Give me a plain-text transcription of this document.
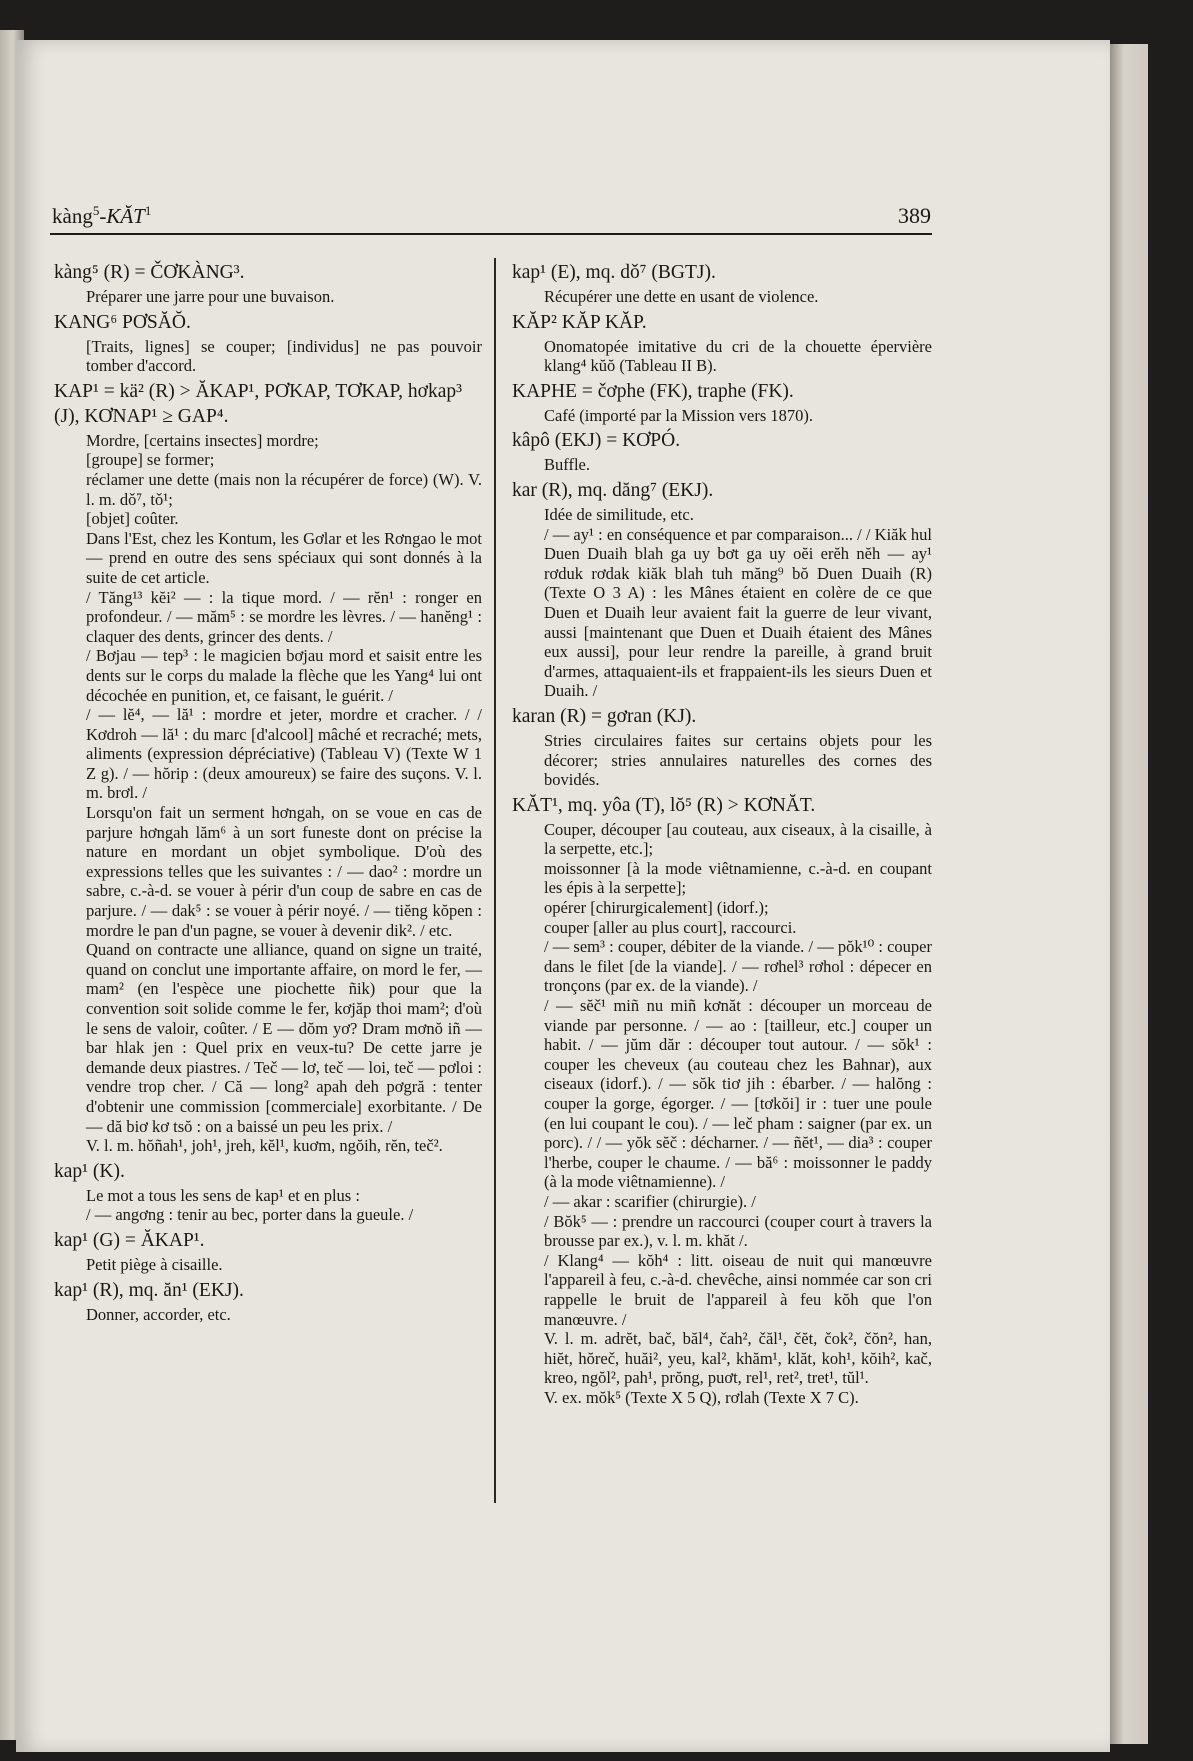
kàng$^5$-KĂT$^1$	389
kàng⁵ (R) = ČƠKÀNG³.
Préparer une jarre pour une buvaison.
KANG⁶ PƠSĂŎ.
[Traits, lignes] se couper; [individus] ne pas pouvoir tomber d'accord.
KAP¹ = kä² (R) > ĂKAP¹, PƠKAP, TƠKAP, hơkap³ (J), KƠNAP¹ ≥ GAP⁴.
Mordre, [certains insectes] mordre;
[groupe] se former;
réclamer une dette (mais non la récupérer de force) (W). V. l. m. dǒ⁷, tǒ¹;
[objet] coûter.
Dans l'Est, chez les Kontum, les Gơlar et les Rơngao le mot — prend en outre des sens spéciaux qui sont donnés à la suite de cet article.
/ Tăng¹³ kĕi² — : la tique mord. / — rĕn¹ : ronger en profondeur. / — măm⁵ : se mordre les lèvres. / — hanĕng¹ : claquer des dents, grincer des dents. /
/ Bơjau — tep³ : le magicien bơjau mord et saisit entre les dents sur le corps du malade la flèche que les Yang⁴ lui ont décochée en punition, et, ce faisant, le guérit. /
/ — lĕ⁴, — lă¹ : mordre et jeter, mordre et cracher. / / Kơdroh — lă¹ : du marc [d'alcool] mâché et recraché; mets, aliments (expression dépréciative) (Tableau V) (Texte W 1 Z g). / — hŏrip : (deux amoureux) se faire des suçons. V. l. m. brơl. /
Lorsqu'on fait un serment hơngah, on se voue en cas de parjure hơngah lăm⁶ à un sort funeste dont on précise la nature en mordant un objet symbolique. D'où des expressions telles que les suivantes : / — dao² : mordre un sabre, c.-à-d. se vouer à périr d'un coup de sabre en cas de parjure. / — dak⁵ : se vouer à périr noyé. / — tiĕng kŏpen : mordre le pan d'un pagne, se vouer à devenir dik². / etc.
Quand on contracte une alliance, quand on signe un traité, quand on conclut une importante affaire, on mord le fer, — mam² (en l'espèce une piochette ñik) pour que la convention soit solide comme le fer, kơjăp thoi mam²; d'où le sens de valoir, coûter. / E — dŏm yơ? Dram mơnŏ iñ — bar hlak jen : Quel prix en veux-tu? De cette jarre je demande deux piastres. / Teč — lơ, teč — loi, teč — pơloi : vendre trop cher. / Că — long² apah deh pơgră : tenter d'obtenir une commission [commerciale] exorbitante. / De — dă biơ kơ tsŏ : on a baissé un peu les prix. /
V. l. m. hŏñah¹, joh¹, jreh, kĕl¹, kuơm, ngŏih, rĕn, teč².
kap¹ (K).
Le mot a tous les sens de kap¹ et en plus :
/ — angơng : tenir au bec, porter dans la gueule. /
kap¹ (G) = ĂKAP¹.
Petit piège à cisaille.
kap¹ (R), mq. ăn¹ (EKJ).
Donner, accorder, etc.
kap¹ (E), mq. dǒ⁷ (BGTJ).
Récupérer une dette en usant de violence.
KĂP² KĂP KĂP.
Onomatopée imitative du cri de la chouette épervière klang⁴ kŭŏ (Tableau II B).
KAPHE = čơphe (FK), traphe (FK).
Café (importé par la Mission vers 1870).
kâpô (EKJ) = KƠPÓ.
Buffle.
kar (R), mq. dăng⁷ (EKJ).
Idée de similitude, etc.
/ — ay¹ : en conséquence et par comparaison... / / Kiăk hul Duen Duaih blah ga uy bơt ga uy oĕi erĕh nĕh — ay¹ rơduk rơdak kiăk blah tuh măng⁹ bŏ Duen Duaih (R) (Texte O 3 A) : les Mânes étaient en colère de ce que Duen et Duaih leur avaient fait la guerre de leur vivant, aussi [maintenant que Duen et Duaih étaient des Mânes eux aussi], pour leur rendre la pareille, à grand bruit d'armes, attaquaient-ils et frappaient-ils les sieurs Duen et Duaih. /
karan (R) = gơran (KJ).
Stries circulaires faites sur certains objets pour les décorer; stries annulaires naturelles des cornes des bovidés.
KĂT¹, mq. yôa (T), lŏ⁵ (R) > KƠNĂT.
Couper, découper [au couteau, aux ciseaux, à la cisaille, à la serpette, etc.];
moissonner [à la mode viêtnamienne, c.-à-d. en coupant les épis à la serpette];
opérer [chirurgicalement] (idorf.);
couper [aller au plus court], raccourci.
/ — sem³ : couper, débiter de la viande. / — pŏk¹⁰ : couper dans le filet [de la viande]. / — rơhel³ rơhol : dépecer en tronçons (par ex. de la viande). /
/ — sĕč¹ miñ nu miñ kơnăt : découper un morceau de viande par personne. / — ao : [tailleur, etc.] couper un habit. / — jŭm dăr : découper tout autour. / — sŏk¹ : couper les cheveux (au couteau chez les Bahnar), aux ciseaux (idorf.). / — sŏk tiơ jih : ébarber. / — halŏng : couper la gorge, égorger. / — [tơkŏi] ir : tuer une poule (en lui coupant le cou). / — leč pham : saigner (par ex. un porc). / / — yŏk sĕč : décharner. / — ñĕt¹, — dia³ : couper l'herbe, couper le chaume. / — bă⁶ : moissonner le paddy (à la mode viêtnamienne). /
/ — akar : scarifier (chirurgie). /
/ Bŏk⁵ — : prendre un raccourci (couper court à travers la brousse par ex.), v. l. m. khăt /.
/ Klang⁴ — kŏh⁴ : litt. oiseau de nuit qui manœuvre l'appareil à feu, c.-à-d. chevêche, ainsi nommée car son cri rappelle le bruit de l'appareil à feu kŏh que l'on manœuvre. /
V. l. m. adrĕt, bač, băl⁴, čah², čăl¹, čĕt, čok², čŏn², han, hiĕt, hŏreč, huăi², yeu, kal², khăm¹, klăt, koh¹, kŏih², kač, kreo, ngŏl², pah¹, prŏng, puơt, rel¹, ret², tret¹, tŭl¹.
V. ex. mŏk⁵ (Texte X 5 Q), rơlah (Texte X 7 C).
